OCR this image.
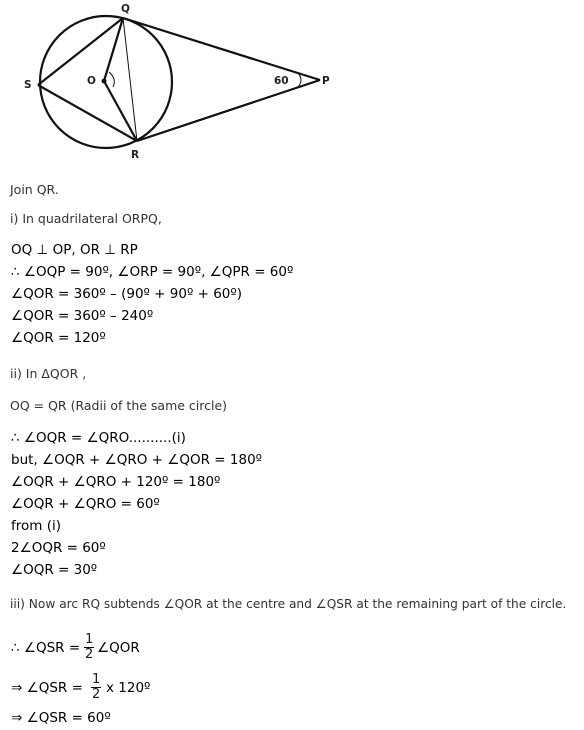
Q
S	O
R
P
60
Join QR.
i) In quadrilateral ORPQ,
OQ ⊥ OP, OR ⊥ RP
∴ ∠OQP = 90º, ∠ORP = 90º, ∠QPR = 60º
∠QOR = 360º – (90º + 90º + 60º)
∠QOR = 360º – 240º
∠QOR = 120º
ii) In ΔQOR ,
OQ = QR (Radii of the same circle)
∴ ∠OQR = ∠QRO..........(i)
but, ∠OQR + ∠QRO + ∠QOR = 180º
∠OQR + ∠QRO + 120º = 180º
∠OQR + ∠QRO = 60º
from (i)
2∠OQR = 60º
∠OQR = 30º
iii) Now arc RQ subtends ∠QOR at the centre and ∠QSR at the remaining part of the circle.
∴ ∠QSR = $\frac{1}{2}$ ∠QOR
⇒ ∠QSR = $\frac{1}{2}$ x 120º
⇒ ∠QSR = 60º
